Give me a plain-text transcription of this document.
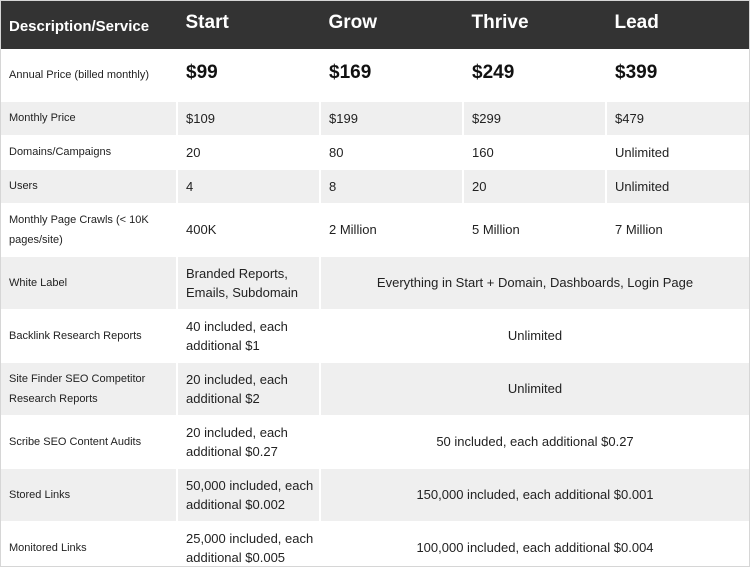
Description/Service	Start	Grow	Thrive	Lead
Annual Price (billed monthly)	$99	$169	$249	$399
Monthly Price	$109	$199	$299	$479
Domains/Campaigns	20	80	160	Unlimited
Users	4	8	20	Unlimited
Monthly Page Crawls (< 10K pages/site)	400K	2 Million	5 Million	7 Million
White Label	Branded Reports, Emails, Subdomain	Everything in Start + Domain, Dashboards, Login Page		
Backlink Research Reports	40 included, each additional $1	Unlimited		
Site Finder SEO Competitor Research Reports	20 included, each additional $2	Unlimited		
Scribe SEO Content Audits	20 included, each additional $0.27	50 included, each additional $0.27		
Stored Links	50,000 included, each additional $0.002	150,000 included, each additional $0.001		
Monitored Links	25,000 included, each additional $0.005	100,000 included, each additional $0.004		
